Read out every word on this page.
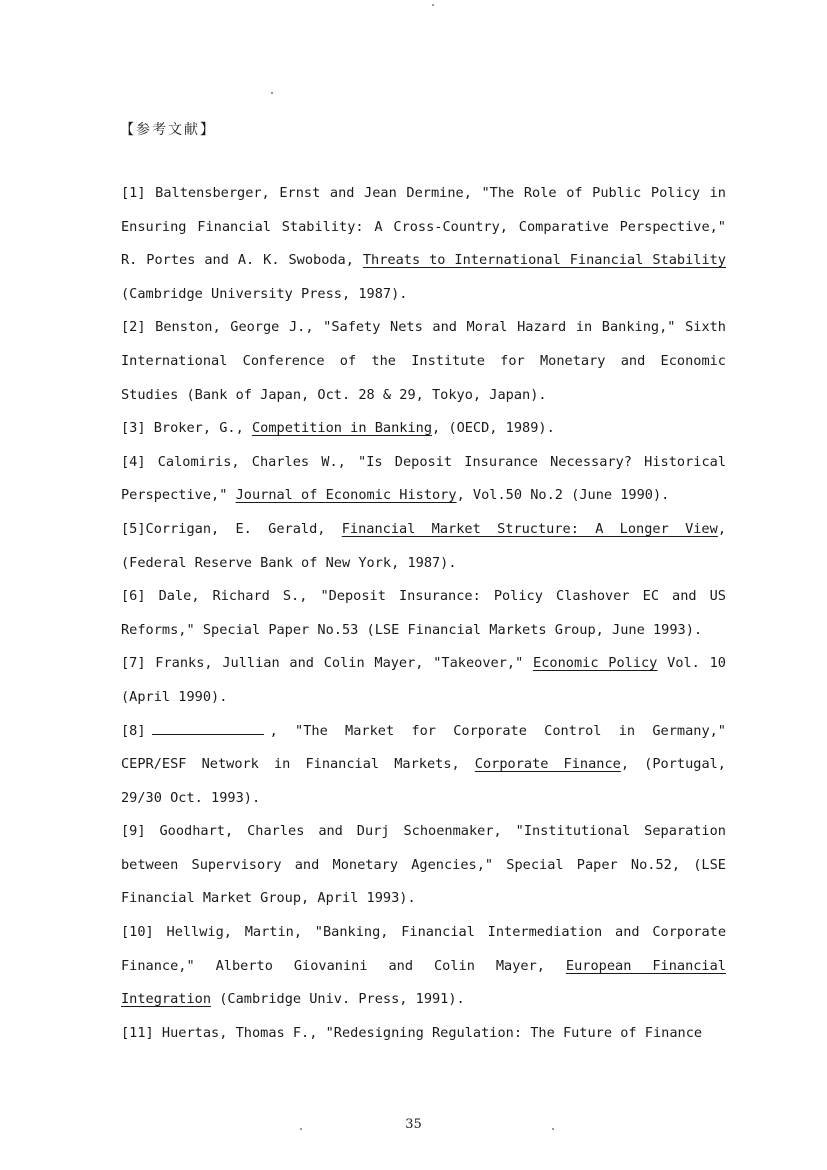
【参考文献】

[1] Baltensberger, Ernst and Jean Dermine, "The Role of Public Policy in Ensuring Financial Stability: A Cross-Country, Comparative Perspective," R. Portes and A. K. Swoboda, Threats to International Financial Stability (Cambridge University Press, 1987).

[2] Benston, George J., "Safety Nets and Moral Hazard in Banking," Sixth International Conference of the Institute for Monetary and Economic Studies (Bank of Japan, Oct. 28 & 29, Tokyo, Japan).

[3] Broker, G., Competition in Banking, (OECD, 1989).

[4] Calomiris, Charles W., "Is Deposit Insurance Necessary? Historical Perspective," Journal of Economic History, Vol.50 No.2 (June 1990).

[5]Corrigan, E. Gerald, Financial Market Structure: A Longer View, (Federal Reserve Bank of New York, 1987).

[6] Dale, Richard S., "Deposit Insurance: Policy Clashover EC and US Reforms," Special Paper No.53 (LSE Financial Markets Group, June 1993).

[7] Franks, Jullian and Colin Mayer, "Takeover," Economic Policy Vol. 10 (April 1990).

[8]	, "The Market for Corporate Control in Germany," CEPR/ESF Network in Financial Markets, Corporate Finance, (Portugal, 29/30 Oct. 1993).

[9] Goodhart, Charles and Durj Schoenmaker, "Institutional Separation between Supervisory and Monetary Agencies," Special Paper No.52, (LSE Financial Market Group, April 1993).

[10] Hellwig, Martin, "Banking, Financial Intermediation and Corporate Finance," Alberto Giovanini and Colin Mayer, European Financial Integration (Cambridge Univ. Press, 1991).

[11] Huertas, Thomas F., "Redesigning Regulation: The Future of Finance

35
